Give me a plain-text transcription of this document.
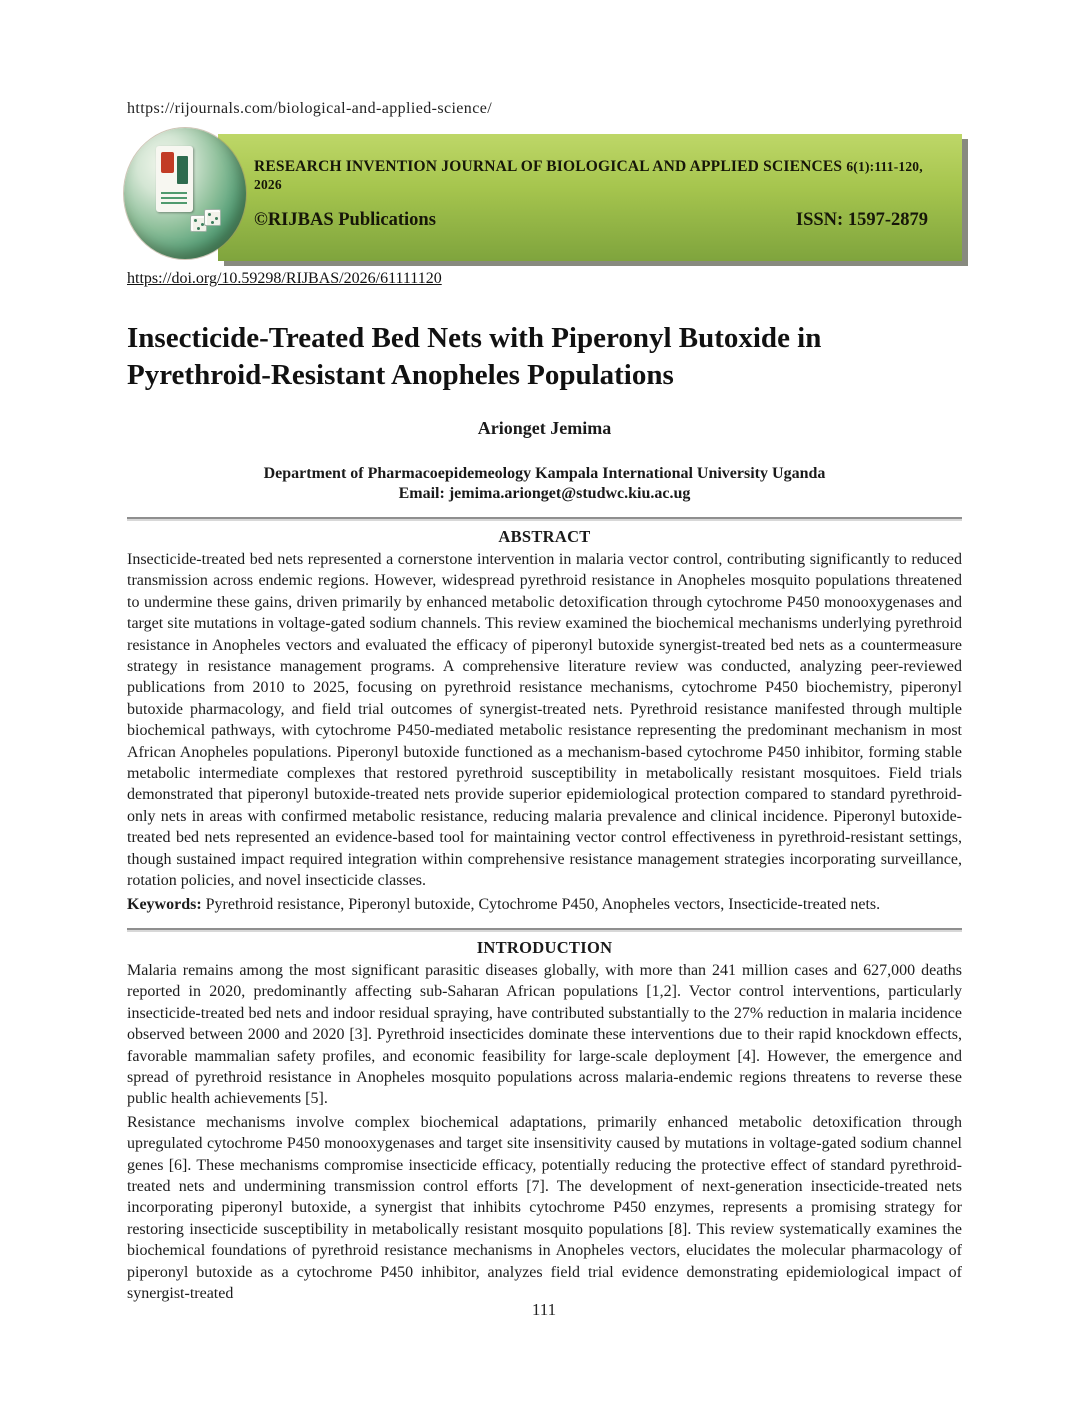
https://rijournals.com/biological-and-applied-science/
RESEARCH INVENTION JOURNAL OF BIOLOGICAL AND APPLIED SCIENCES 6(1):111-120, 2026
©RIJBAS Publications	ISSN: 1597-2879
https://doi.org/10.59298/RIJBAS/2026/61111120
Insecticide-Treated Bed Nets with Piperonyl Butoxide in Pyrethroid-Resistant Anopheles Populations
Arionget Jemima
Department of Pharmacoepidemeology Kampala International University Uganda
Email: jemima.arionget@studwc.kiu.ac.ug
ABSTRACT

Insecticide-treated bed nets represented a cornerstone intervention in malaria vector control, contributing significantly to reduced transmission across endemic regions. However, widespread pyrethroid resistance in Anopheles mosquito populations threatened to undermine these gains, driven primarily by enhanced metabolic detoxification through cytochrome P450 monooxygenases and target site mutations in voltage-gated sodium channels. This review examined the biochemical mechanisms underlying pyrethroid resistance in Anopheles vectors and evaluated the efficacy of piperonyl butoxide synergist-treated bed nets as a countermeasure strategy in resistance management programs. A comprehensive literature review was conducted, analyzing peer-reviewed publications from 2010 to 2025, focusing on pyrethroid resistance mechanisms, cytochrome P450 biochemistry, piperonyl butoxide pharmacology, and field trial outcomes of synergist-treated nets. Pyrethroid resistance manifested through multiple biochemical pathways, with cytochrome P450-mediated metabolic resistance representing the predominant mechanism in most African Anopheles populations. Piperonyl butoxide functioned as a mechanism-based cytochrome P450 inhibitor, forming stable metabolic intermediate complexes that restored pyrethroid susceptibility in metabolically resistant mosquitoes. Field trials demonstrated that piperonyl butoxide-treated nets provide superior epidemiological protection compared to standard pyrethroid-only nets in areas with confirmed metabolic resistance, reducing malaria prevalence and clinical incidence. Piperonyl butoxide-treated bed nets represented an evidence-based tool for maintaining vector control effectiveness in pyrethroid-resistant settings, though sustained impact required integration within comprehensive resistance management strategies incorporating surveillance, rotation policies, and novel insecticide classes.

Keywords: Pyrethroid resistance, Piperonyl butoxide, Cytochrome P450, Anopheles vectors, Insecticide-treated nets.

INTRODUCTION

Malaria remains among the most significant parasitic diseases globally, with more than 241 million cases and 627,000 deaths reported in 2020, predominantly affecting sub-Saharan African populations [1,2]. Vector control interventions, particularly insecticide-treated bed nets and indoor residual spraying, have contributed substantially to the 27% reduction in malaria incidence observed between 2000 and 2020 [3]. Pyrethroid insecticides dominate these interventions due to their rapid knockdown effects, favorable mammalian safety profiles, and economic feasibility for large-scale deployment [4]. However, the emergence and spread of pyrethroid resistance in Anopheles mosquito populations across malaria-endemic regions threatens to reverse these public health achievements [5].

Resistance mechanisms involve complex biochemical adaptations, primarily enhanced metabolic detoxification through upregulated cytochrome P450 monooxygenases and target site insensitivity caused by mutations in voltage-gated sodium channel genes [6]. These mechanisms compromise insecticide efficacy, potentially reducing the protective effect of standard pyrethroid-treated nets and undermining transmission control efforts [7]. The development of next-generation insecticide-treated nets incorporating piperonyl butoxide, a synergist that inhibits cytochrome P450 enzymes, represents a promising strategy for restoring insecticide susceptibility in metabolically resistant mosquito populations [8]. This review systematically examines the biochemical foundations of pyrethroid resistance mechanisms in Anopheles vectors, elucidates the molecular pharmacology of piperonyl butoxide as a cytochrome P450 inhibitor, analyzes field trial evidence demonstrating epidemiological impact of synergist-treated

111
